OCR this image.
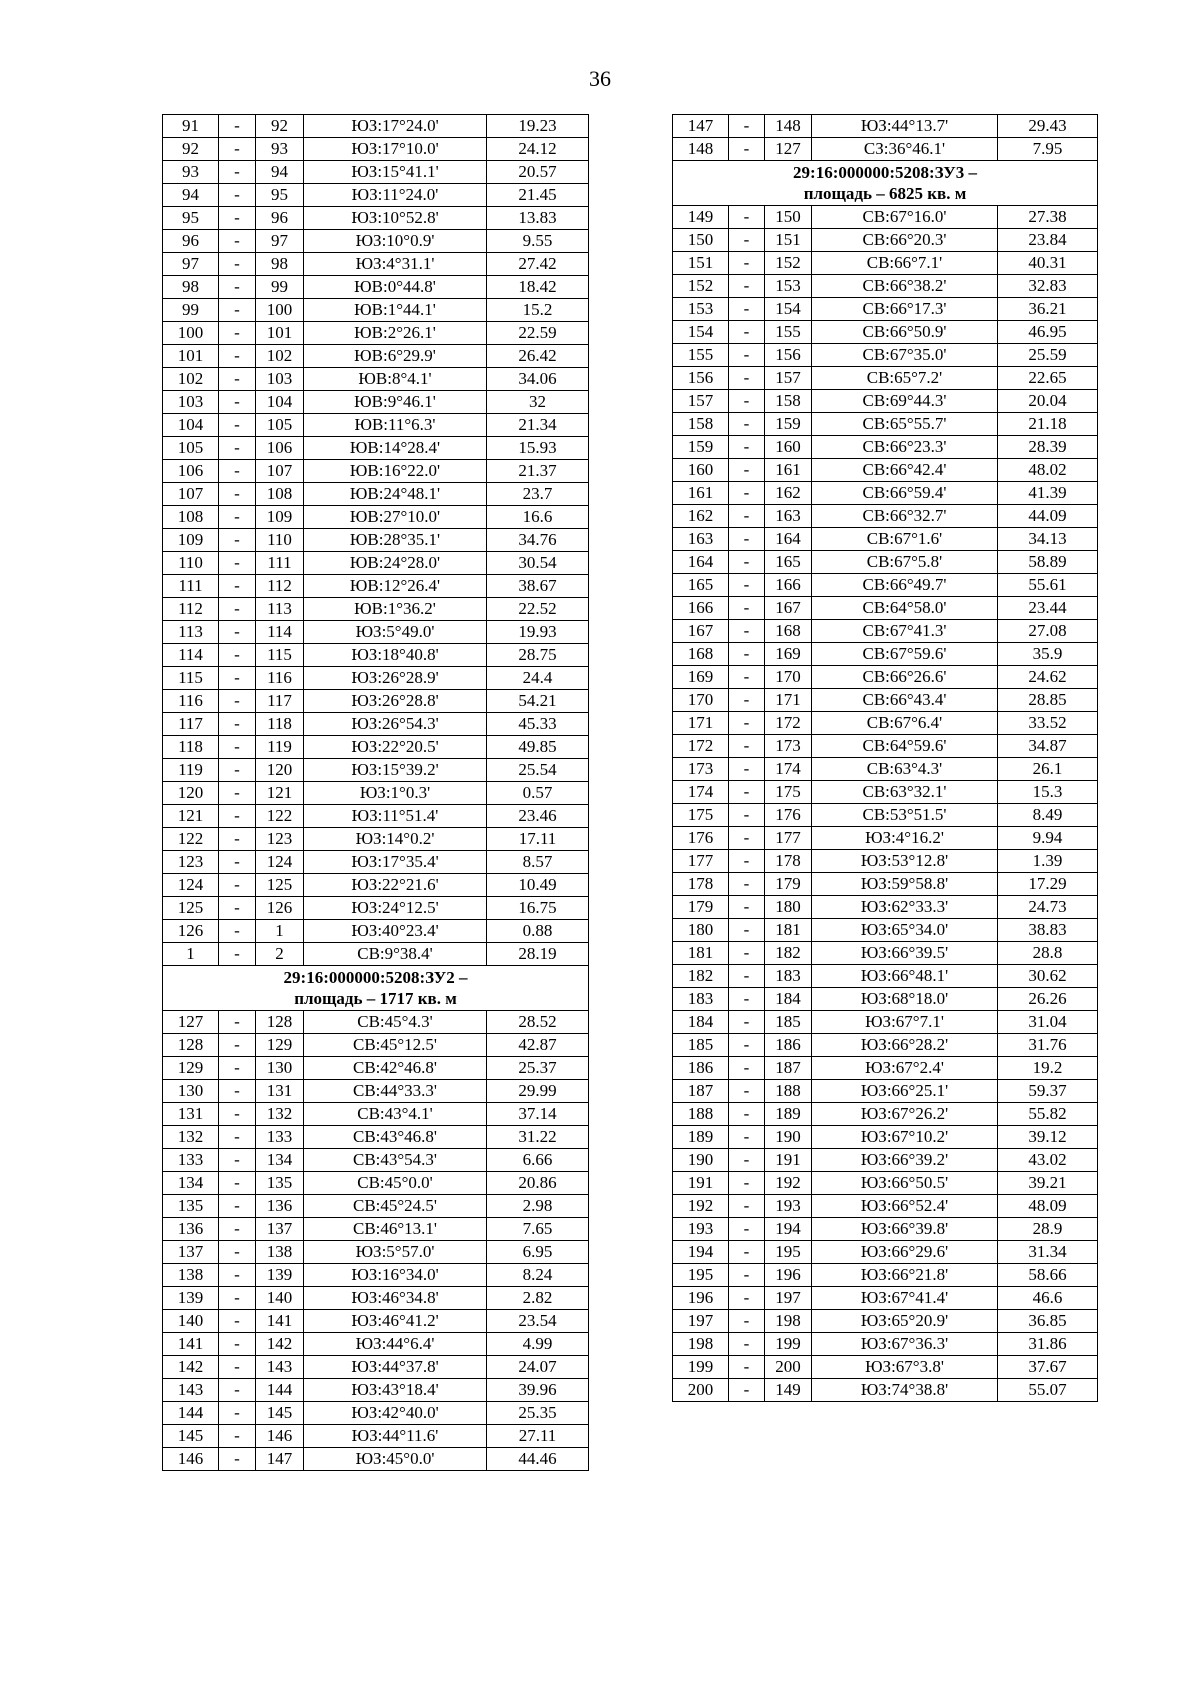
36
91	-	92	ЮЗ:17°24.0'	19.23
92	-	93	ЮЗ:17°10.0'	24.12
93	-	94	ЮЗ:15°41.1'	20.57
94	-	95	ЮЗ:11°24.0'	21.45
95	-	96	ЮЗ:10°52.8'	13.83
96	-	97	ЮЗ:10°0.9'	9.55
97	-	98	ЮЗ:4°31.1'	27.42
98	-	99	ЮВ:0°44.8'	18.42
99	-	100	ЮВ:1°44.1'	15.2
100	-	101	ЮВ:2°26.1'	22.59
101	-	102	ЮВ:6°29.9'	26.42
102	-	103	ЮВ:8°4.1'	34.06
103	-	104	ЮВ:9°46.1'	32
104	-	105	ЮВ:11°6.3'	21.34
105	-	106	ЮВ:14°28.4'	15.93
106	-	107	ЮВ:16°22.0'	21.37
107	-	108	ЮВ:24°48.1'	23.7
108	-	109	ЮВ:27°10.0'	16.6
109	-	110	ЮВ:28°35.1'	34.76
110	-	111	ЮВ:24°28.0'	30.54
111	-	112	ЮВ:12°26.4'	38.67
112	-	113	ЮВ:1°36.2'	22.52
113	-	114	ЮЗ:5°49.0'	19.93
114	-	115	ЮЗ:18°40.8'	28.75
115	-	116	ЮЗ:26°28.9'	24.4
116	-	117	ЮЗ:26°28.8'	54.21
117	-	118	ЮЗ:26°54.3'	45.33
118	-	119	ЮЗ:22°20.5'	49.85
119	-	120	ЮЗ:15°39.2'	25.54
120	-	121	ЮЗ:1°0.3'	0.57
121	-	122	ЮЗ:11°51.4'	23.46
122	-	123	ЮЗ:14°0.2'	17.11
123	-	124	ЮЗ:17°35.4'	8.57
124	-	125	ЮЗ:22°21.6'	10.49
125	-	126	ЮЗ:24°12.5'	16.75
126	-	1	ЮЗ:40°23.4'	0.88
1	-	2	СВ:9°38.4'	28.19
29:16:000000:5208:ЗУ2 –
площадь – 1717 кв. м				
127	-	128	СВ:45°4.3'	28.52
128	-	129	СВ:45°12.5'	42.87
129	-	130	СВ:42°46.8'	25.37
130	-	131	СВ:44°33.3'	29.99
131	-	132	СВ:43°4.1'	37.14
132	-	133	СВ:43°46.8'	31.22
133	-	134	СВ:43°54.3'	6.66
134	-	135	СВ:45°0.0'	20.86
135	-	136	СВ:45°24.5'	2.98
136	-	137	СВ:46°13.1'	7.65
137	-	138	ЮЗ:5°57.0'	6.95
138	-	139	ЮЗ:16°34.0'	8.24
139	-	140	ЮЗ:46°34.8'	2.82
140	-	141	ЮЗ:46°41.2'	23.54
141	-	142	ЮЗ:44°6.4'	4.99
142	-	143	ЮЗ:44°37.8'	24.07
143	-	144	ЮЗ:43°18.4'	39.96
144	-	145	ЮЗ:42°40.0'	25.35
145	-	146	ЮЗ:44°11.6'	27.11
146	-	147	ЮЗ:45°0.0'	44.46
147	-	148	ЮЗ:44°13.7'	29.43
148	-	127	СЗ:36°46.1'	7.95
29:16:000000:5208:ЗУ3 –
площадь – 6825 кв. м				
149	-	150	СВ:67°16.0'	27.38
150	-	151	СВ:66°20.3'	23.84
151	-	152	СВ:66°7.1'	40.31
152	-	153	СВ:66°38.2'	32.83
153	-	154	СВ:66°17.3'	36.21
154	-	155	СВ:66°50.9'	46.95
155	-	156	СВ:67°35.0'	25.59
156	-	157	СВ:65°7.2'	22.65
157	-	158	СВ:69°44.3'	20.04
158	-	159	СВ:65°55.7'	21.18
159	-	160	СВ:66°23.3'	28.39
160	-	161	СВ:66°42.4'	48.02
161	-	162	СВ:66°59.4'	41.39
162	-	163	СВ:66°32.7'	44.09
163	-	164	СВ:67°1.6'	34.13
164	-	165	СВ:67°5.8'	58.89
165	-	166	СВ:66°49.7'	55.61
166	-	167	СВ:64°58.0'	23.44
167	-	168	СВ:67°41.3'	27.08
168	-	169	СВ:67°59.6'	35.9
169	-	170	СВ:66°26.6'	24.62
170	-	171	СВ:66°43.4'	28.85
171	-	172	СВ:67°6.4'	33.52
172	-	173	СВ:64°59.6'	34.87
173	-	174	СВ:63°4.3'	26.1
174	-	175	СВ:63°32.1'	15.3
175	-	176	СВ:53°51.5'	8.49
176	-	177	ЮЗ:4°16.2'	9.94
177	-	178	ЮЗ:53°12.8'	1.39
178	-	179	ЮЗ:59°58.8'	17.29
179	-	180	ЮЗ:62°33.3'	24.73
180	-	181	ЮЗ:65°34.0'	38.83
181	-	182	ЮЗ:66°39.5'	28.8
182	-	183	ЮЗ:66°48.1'	30.62
183	-	184	ЮЗ:68°18.0'	26.26
184	-	185	ЮЗ:67°7.1'	31.04
185	-	186	ЮЗ:66°28.2'	31.76
186	-	187	ЮЗ:67°2.4'	19.2
187	-	188	ЮЗ:66°25.1'	59.37
188	-	189	ЮЗ:67°26.2'	55.82
189	-	190	ЮЗ:67°10.2'	39.12
190	-	191	ЮЗ:66°39.2'	43.02
191	-	192	ЮЗ:66°50.5'	39.21
192	-	193	ЮЗ:66°52.4'	48.09
193	-	194	ЮЗ:66°39.8'	28.9
194	-	195	ЮЗ:66°29.6'	31.34
195	-	196	ЮЗ:66°21.8'	58.66
196	-	197	ЮЗ:67°41.4'	46.6
197	-	198	ЮЗ:65°20.9'	36.85
198	-	199	ЮЗ:67°36.3'	31.86
199	-	200	ЮЗ:67°3.8'	37.67
200	-	149	ЮЗ:74°38.8'	55.07
